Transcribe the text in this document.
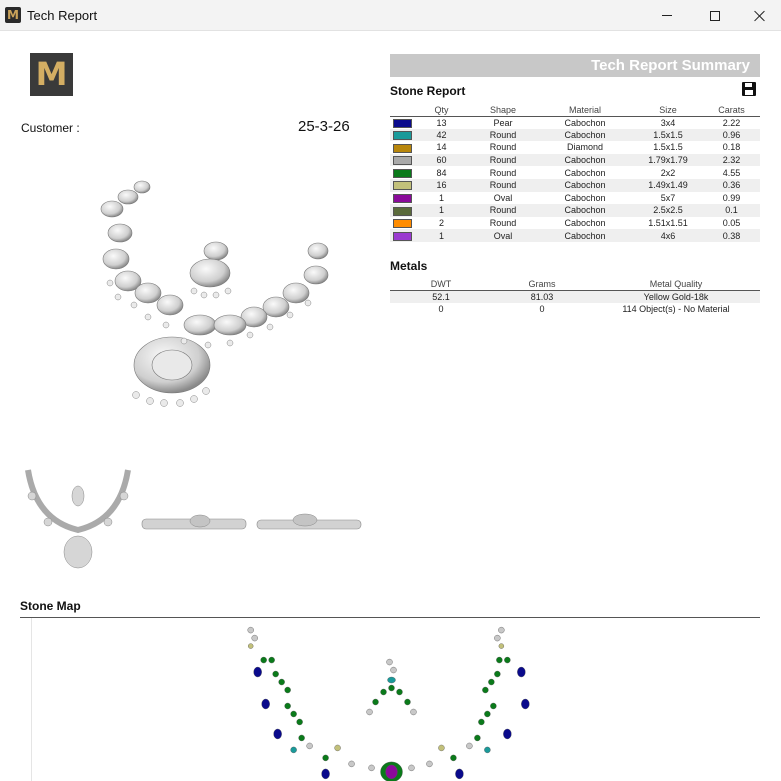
M Tech Report
M
Customer :	25-3-26
Tech Report Summary
Stone Report
	Qty	Shape	Material	Size	Carats
	13	Pear	Cabochon	3x4	2.22
	42	Round	Cabochon	1.5x1.5	0.96
	14	Round	Diamond	1.5x1.5	0.18
	60	Round	Cabochon	1.79x1.79	2.32
	84	Round	Cabochon	2x2	4.55
	16	Round	Cabochon	1.49x1.49	0.36
	1	Oval	Cabochon	5x7	0.99
	1	Round	Cabochon	2.5x2.5	0.1
	2	Round	Cabochon	1.51x1.51	0.05
	1	Oval	Cabochon	4x6	0.38
Metals
DWT	Grams	Metal Quality
52.1	81.03	Yellow Gold-18k
0	0	114 Object(s) - No Material
Stone Map
